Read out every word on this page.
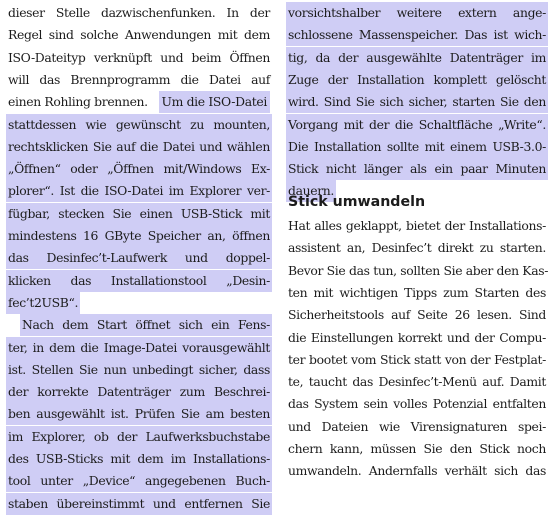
dieser Stelle dazwischenfunken. In der
Regel sind solche Anwendungen mit dem
ISO-Dateityp verknüpft und beim Öffnen
will das Brennprogramm die Datei auf
einen Rohling brennen. Um die ISO-Datei
stattdessen wie gewünscht zu mounten,
rechtsklicken Sie auf die Datei und wählen
„Öffnen“ oder „Öffnen mit/Windows Ex-
plorer“. Ist die ISO-Datei im Explorer ver-
fügbar, stecken Sie einen USB-Stick mit
mindestens 16 GByte Speicher an, öffnen
das Desinfec’t-Laufwerk und doppel-
klicken das Installationstool „Desin-
fec’t2USB“.
Nach dem Start öffnet sich ein Fens-
ter, in dem die Image-Datei vorausgewählt
ist. Stellen Sie nun unbedingt sicher, dass
der korrekte Datenträger zum Beschrei-
ben ausgewählt ist. Prüfen Sie am besten
im Explorer, ob der Laufwerksbuchstabe
des USB-Sticks mit dem im Installations-
tool unter „Device“ angegebenen Buch-
staben übereinstimmt und entfernen Sie
vorsichtshalber weitere extern ange-
schlossene Massenspeicher. Das ist wich-
tig, da der ausgewählte Datenträger im
Zuge der Installation komplett gelöscht
wird. Sind Sie sich sicher, starten Sie den
Vorgang mit der die Schaltfläche „Write“.
Die Installation sollte mit einem USB-3.0-
Stick nicht länger als ein paar Minuten
dauern.
Stick umwandeln
Hat alles geklappt, bietet der Installations-
assistent an, Desinfec’t direkt zu starten.
Bevor Sie das tun, sollten Sie aber den Kas-
ten mit wichtigen Tipps zum Starten des
Sicherheitstools auf Seite 26 lesen. Sind
die Einstellungen korrekt und der Compu-
ter bootet vom Stick statt von der Festplat-
te, taucht das Desinfec’t-Menü auf. Damit
das System sein volles Potenzial entfalten
und Dateien wie Virensignaturen spei-
chern kann, müssen Sie den Stick noch
umwandeln. Andernfalls verhält sich das
